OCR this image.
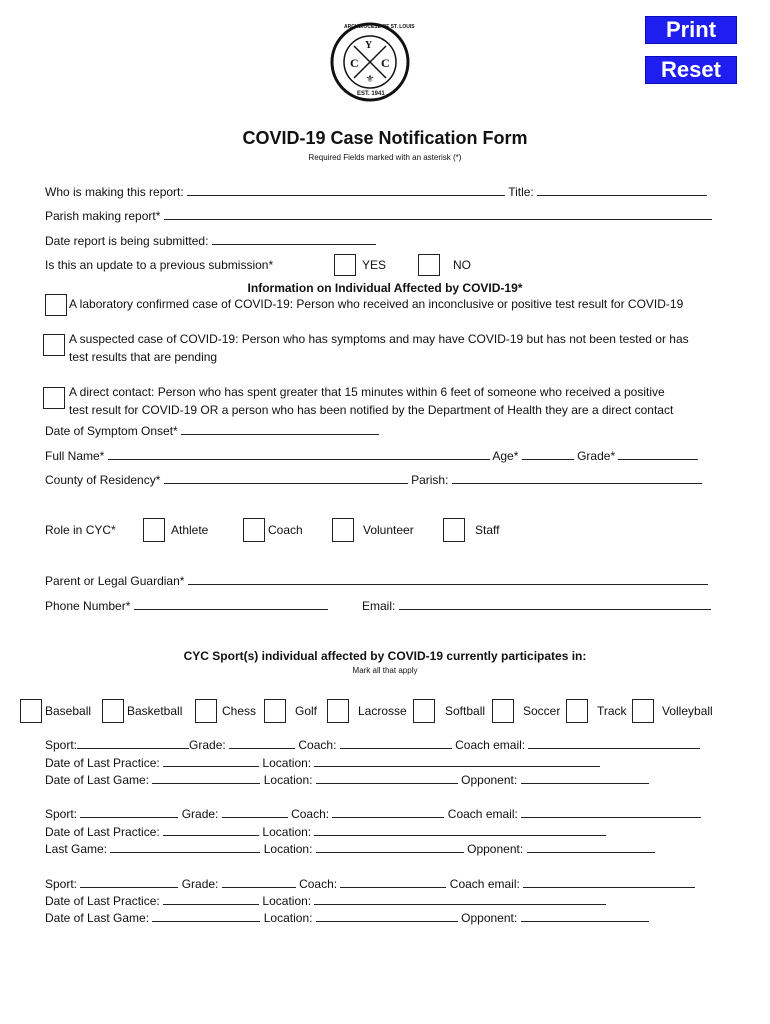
Print
Reset
⚜
Y
C C
ARCHDIOCESE OF ST. LOUIS
EST. 1941
COVID-19 Case Notification Form
Required Fields marked with an asterisk (*)
Who is making this report:	Title:
Parish making report*
Date report is being submitted:
Is this an update to a previous submission*	YES	NO
Information on Individual Affected by COVID-19*
A laboratory confirmed case of COVID-19: Person who received an inconclusive or positive test result for COVID-19
A suspected case of COVID-19: Person who has symptoms and may have COVID-19 but has not been tested or has
test results that are pending
A direct contact: Person who has spent greater that 15 minutes within 6 feet of someone who received a positive
test result for COVID-19 OR a person who has been notified by the Department of Health they are a direct contact
Date of Symptom Onset*
Full Name*	Age*	Grade*
County of Residency*	Parish:
Role in CYC*	Athlete	Coach	Volunteer	Staff
Parent or Legal Guardian*
Phone Number*	Email:
CYC Sport(s) individual affected by COVID-19 currently participates in:
Mark all that apply
Baseball	Basketball	Chess	Golf	Lacrosse	Softball	Soccer	Track	Volleyball
Sport:	Grade:	Coach:	Coach email:
Date of Last Practice:	Location:
Date of Last Game:	Location:	Opponent:
Sport:	Grade:	Coach:	Coach email:
Date of Last Practice:	Location:
Last Game:	Location:	Opponent:
Sport:	Grade:	Coach:	Coach email:
Date of Last Practice:	Location:
Date of Last Game:	Location:	Opponent:
